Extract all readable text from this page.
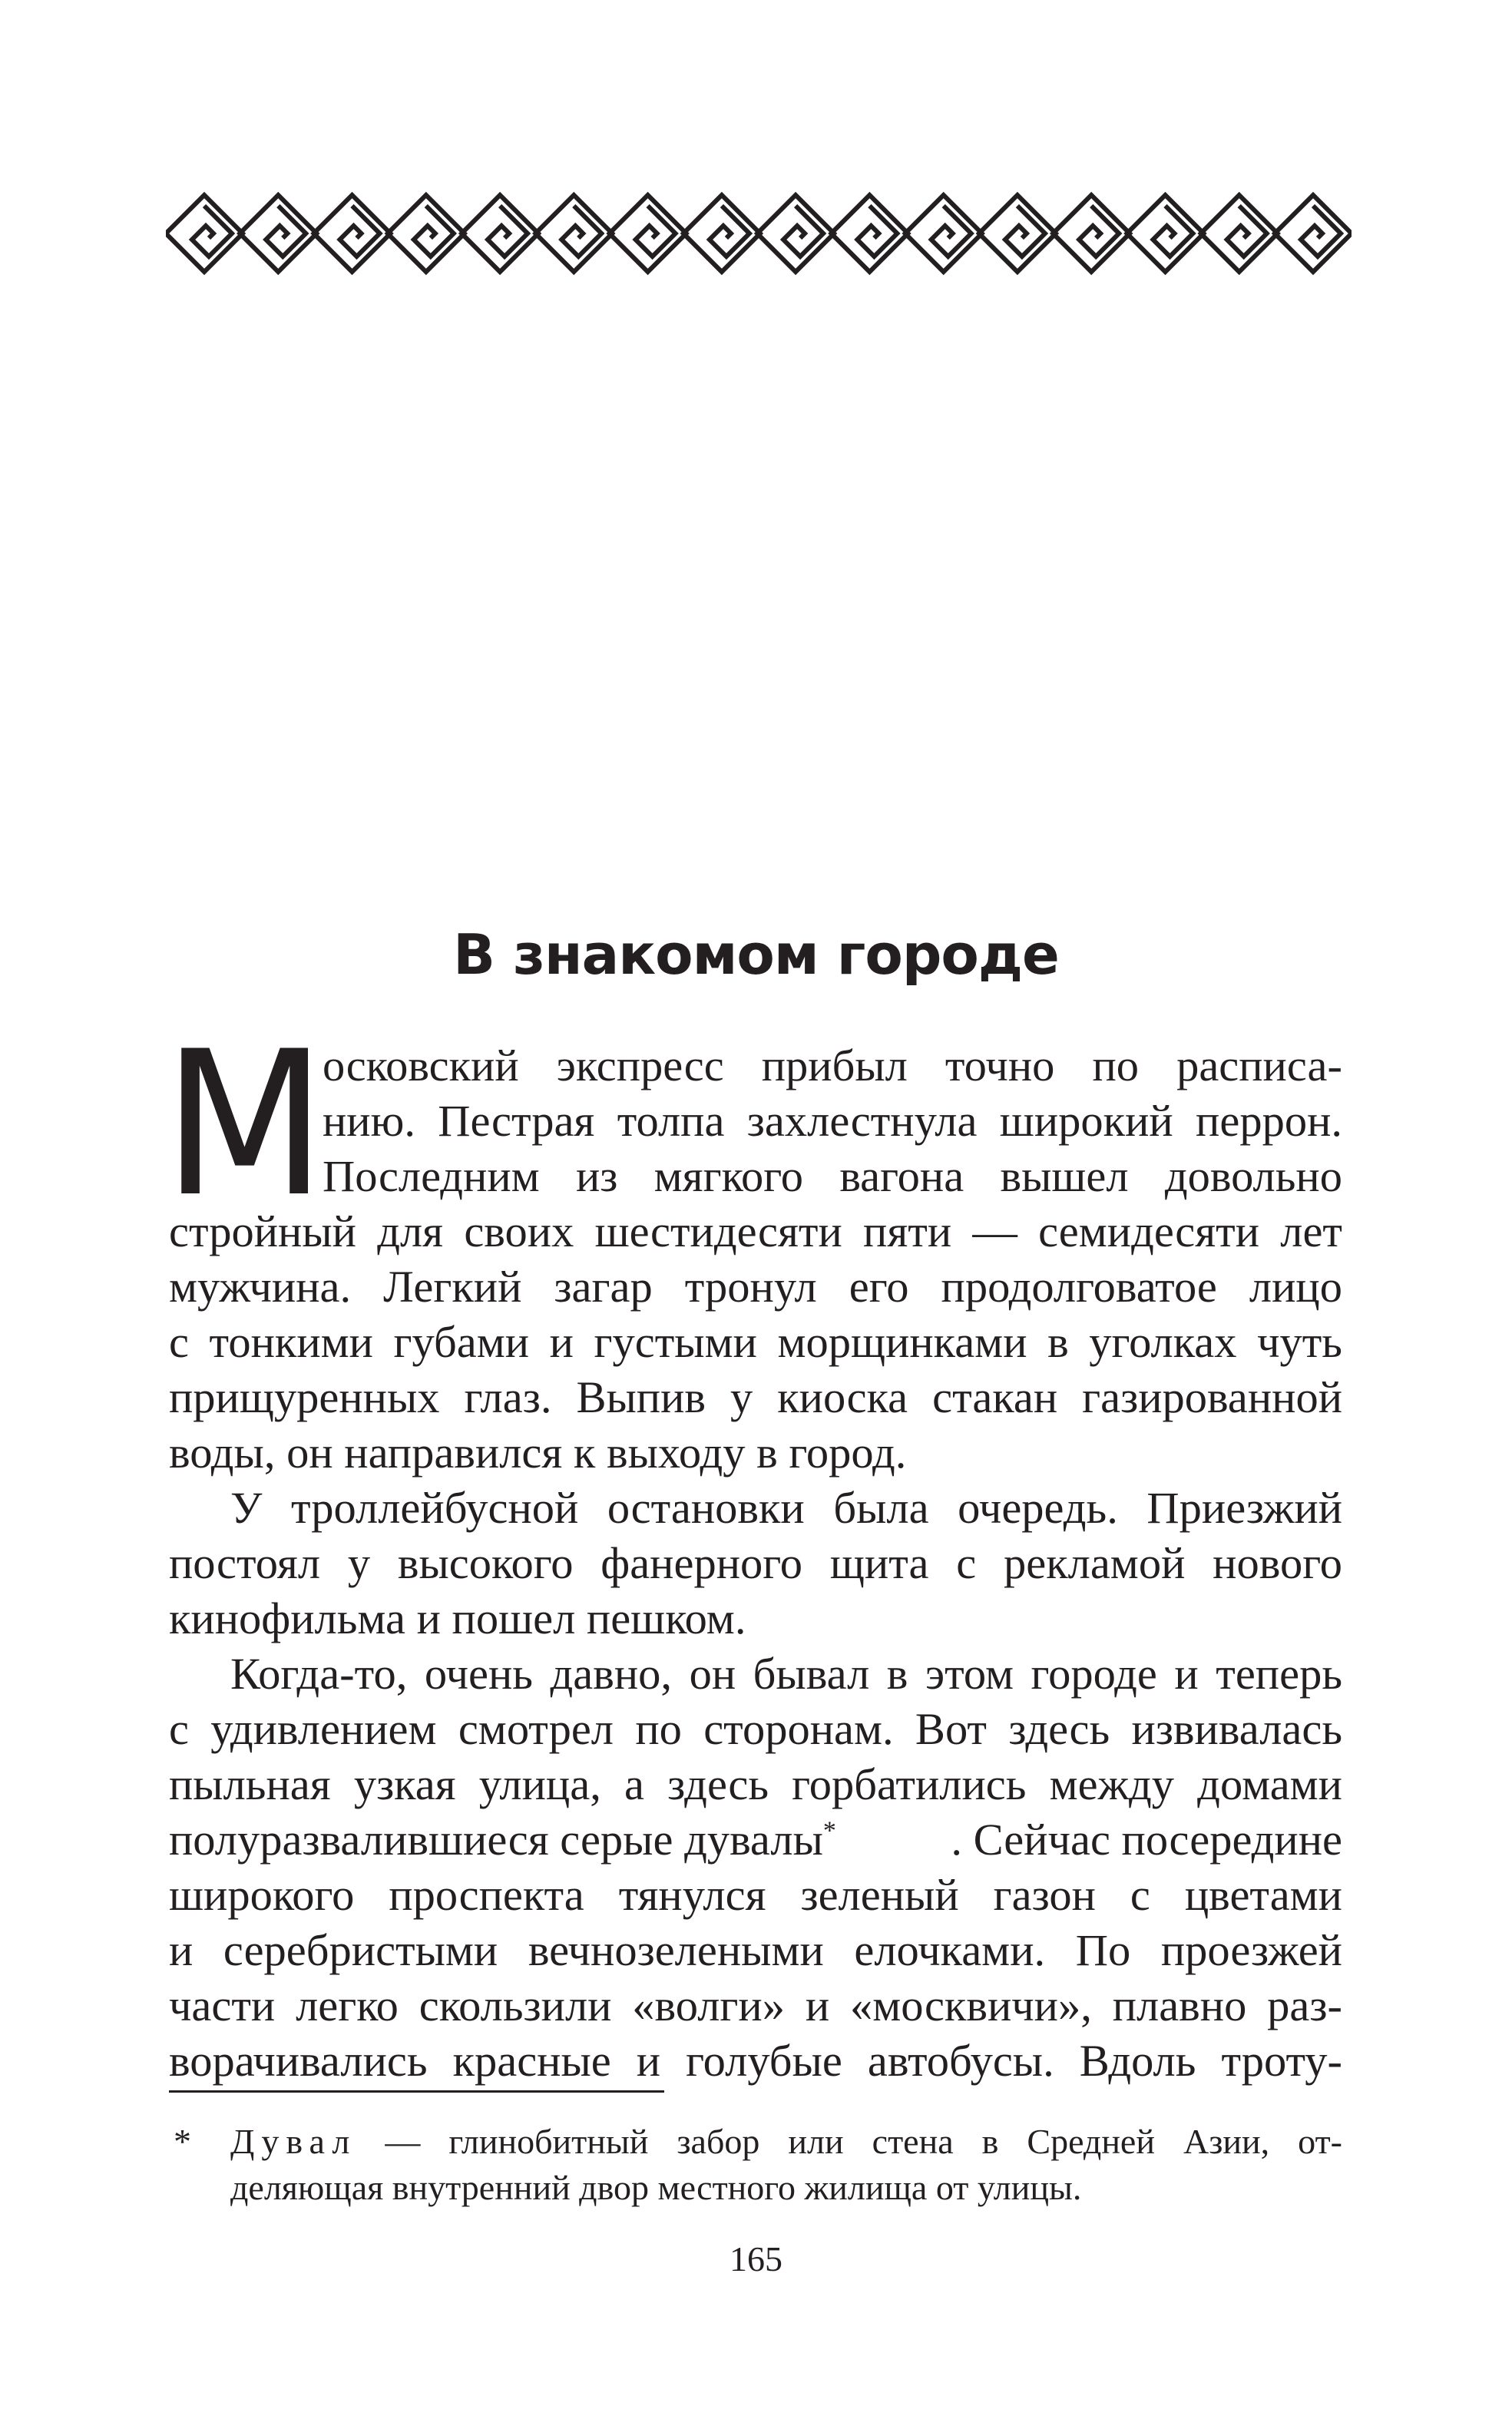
В знакомом городе
М
осковский экспресс прибыл точно по расписа-
нию. Пестрая толпа захлестнула широкий перрон.
Последним из мягкого вагона вышел довольно
стройный для своих шестидесяти пяти — семидесяти лет
мужчина. Легкий загар тронул его продолговатое лицо
с тонкими губами и густыми морщинками в уголках чуть
прищуренных глаз. Выпив у киоска стакан газированной
воды, он направился к выходу в город.
У троллейбусной остановки была очередь. Приезжий
постоял у высокого фанерного щита с рекламой нового
кинофильма и пошел пешком.
Когда-то, очень давно, он бывал в этом городе и теперь
с удивлением смотрел по сторонам. Вот здесь извивалась
пыльная узкая улица, а здесь горбатились между домами
полуразвалившиеся серые дувалы*	. Сейчас посередине
широкого проспекта тянулся зеленый газон с цветами
и серебристыми вечнозелеными елочками. По проезжей
части легко скользили «волги» и «москвичи», плавно раз-
ворачивались красные и голубые автобусы. Вдоль троту-
* Дувал — глинобитный забор или стена в Средней Азии, от-
деляющая внутренний двор местного жилища от улицы.
165
